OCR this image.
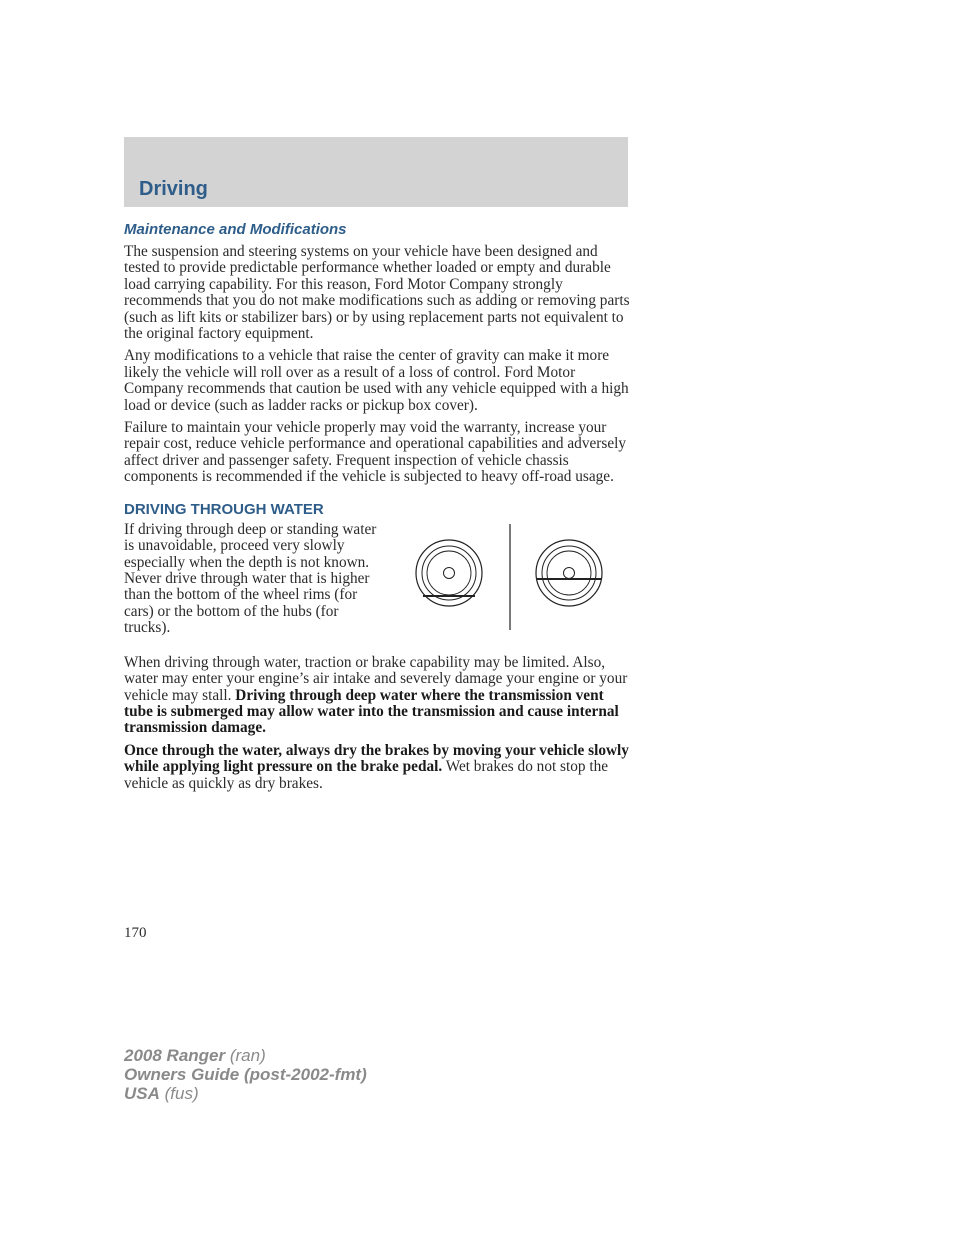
Driving
Maintenance and Modifications

The suspension and steering systems on your vehicle have been designed and tested to provide predictable performance whether loaded or empty and durable load carrying capability. For this reason, Ford Motor Company strongly recommends that you do not make modifications such as adding or removing parts (such as lift kits or stabilizer bars) or by using replacement parts not equivalent to the original factory equipment.

Any modifications to a vehicle that raise the center of gravity can make it more likely the vehicle will roll over as a result of a loss of control. Ford Motor Company recommends that caution be used with any vehicle equipped with a high load or device (such as ladder racks or pickup box cover).

Failure to maintain your vehicle properly may void the warranty, increase your repair cost, reduce vehicle performance and operational capabilities and adversely affect driver and passenger safety. Frequent inspection of vehicle chassis components is recommended if the vehicle is subjected to heavy off-road usage.

DRIVING THROUGH WATER

If driving through deep or standing water is unavoidable, proceed very slowly especially when the depth is not known. Never drive through water that is higher than the bottom of the wheel rims (for cars) or the bottom of the hubs (for trucks).

When driving through water, traction or brake capability may be limited. Also, water may enter your engine’s air intake and severely damage your engine or your vehicle may stall. Driving through deep water where the transmission vent tube is submerged may allow water into the transmission and cause internal transmission damage.

Once through the water, always dry the brakes by moving your vehicle slowly while applying light pressure on the brake pedal. Wet brakes do not stop the vehicle as quickly as dry brakes.

170
2008 Ranger (ran)
Owners Guide (post-2002-fmt)
USA (fus)
